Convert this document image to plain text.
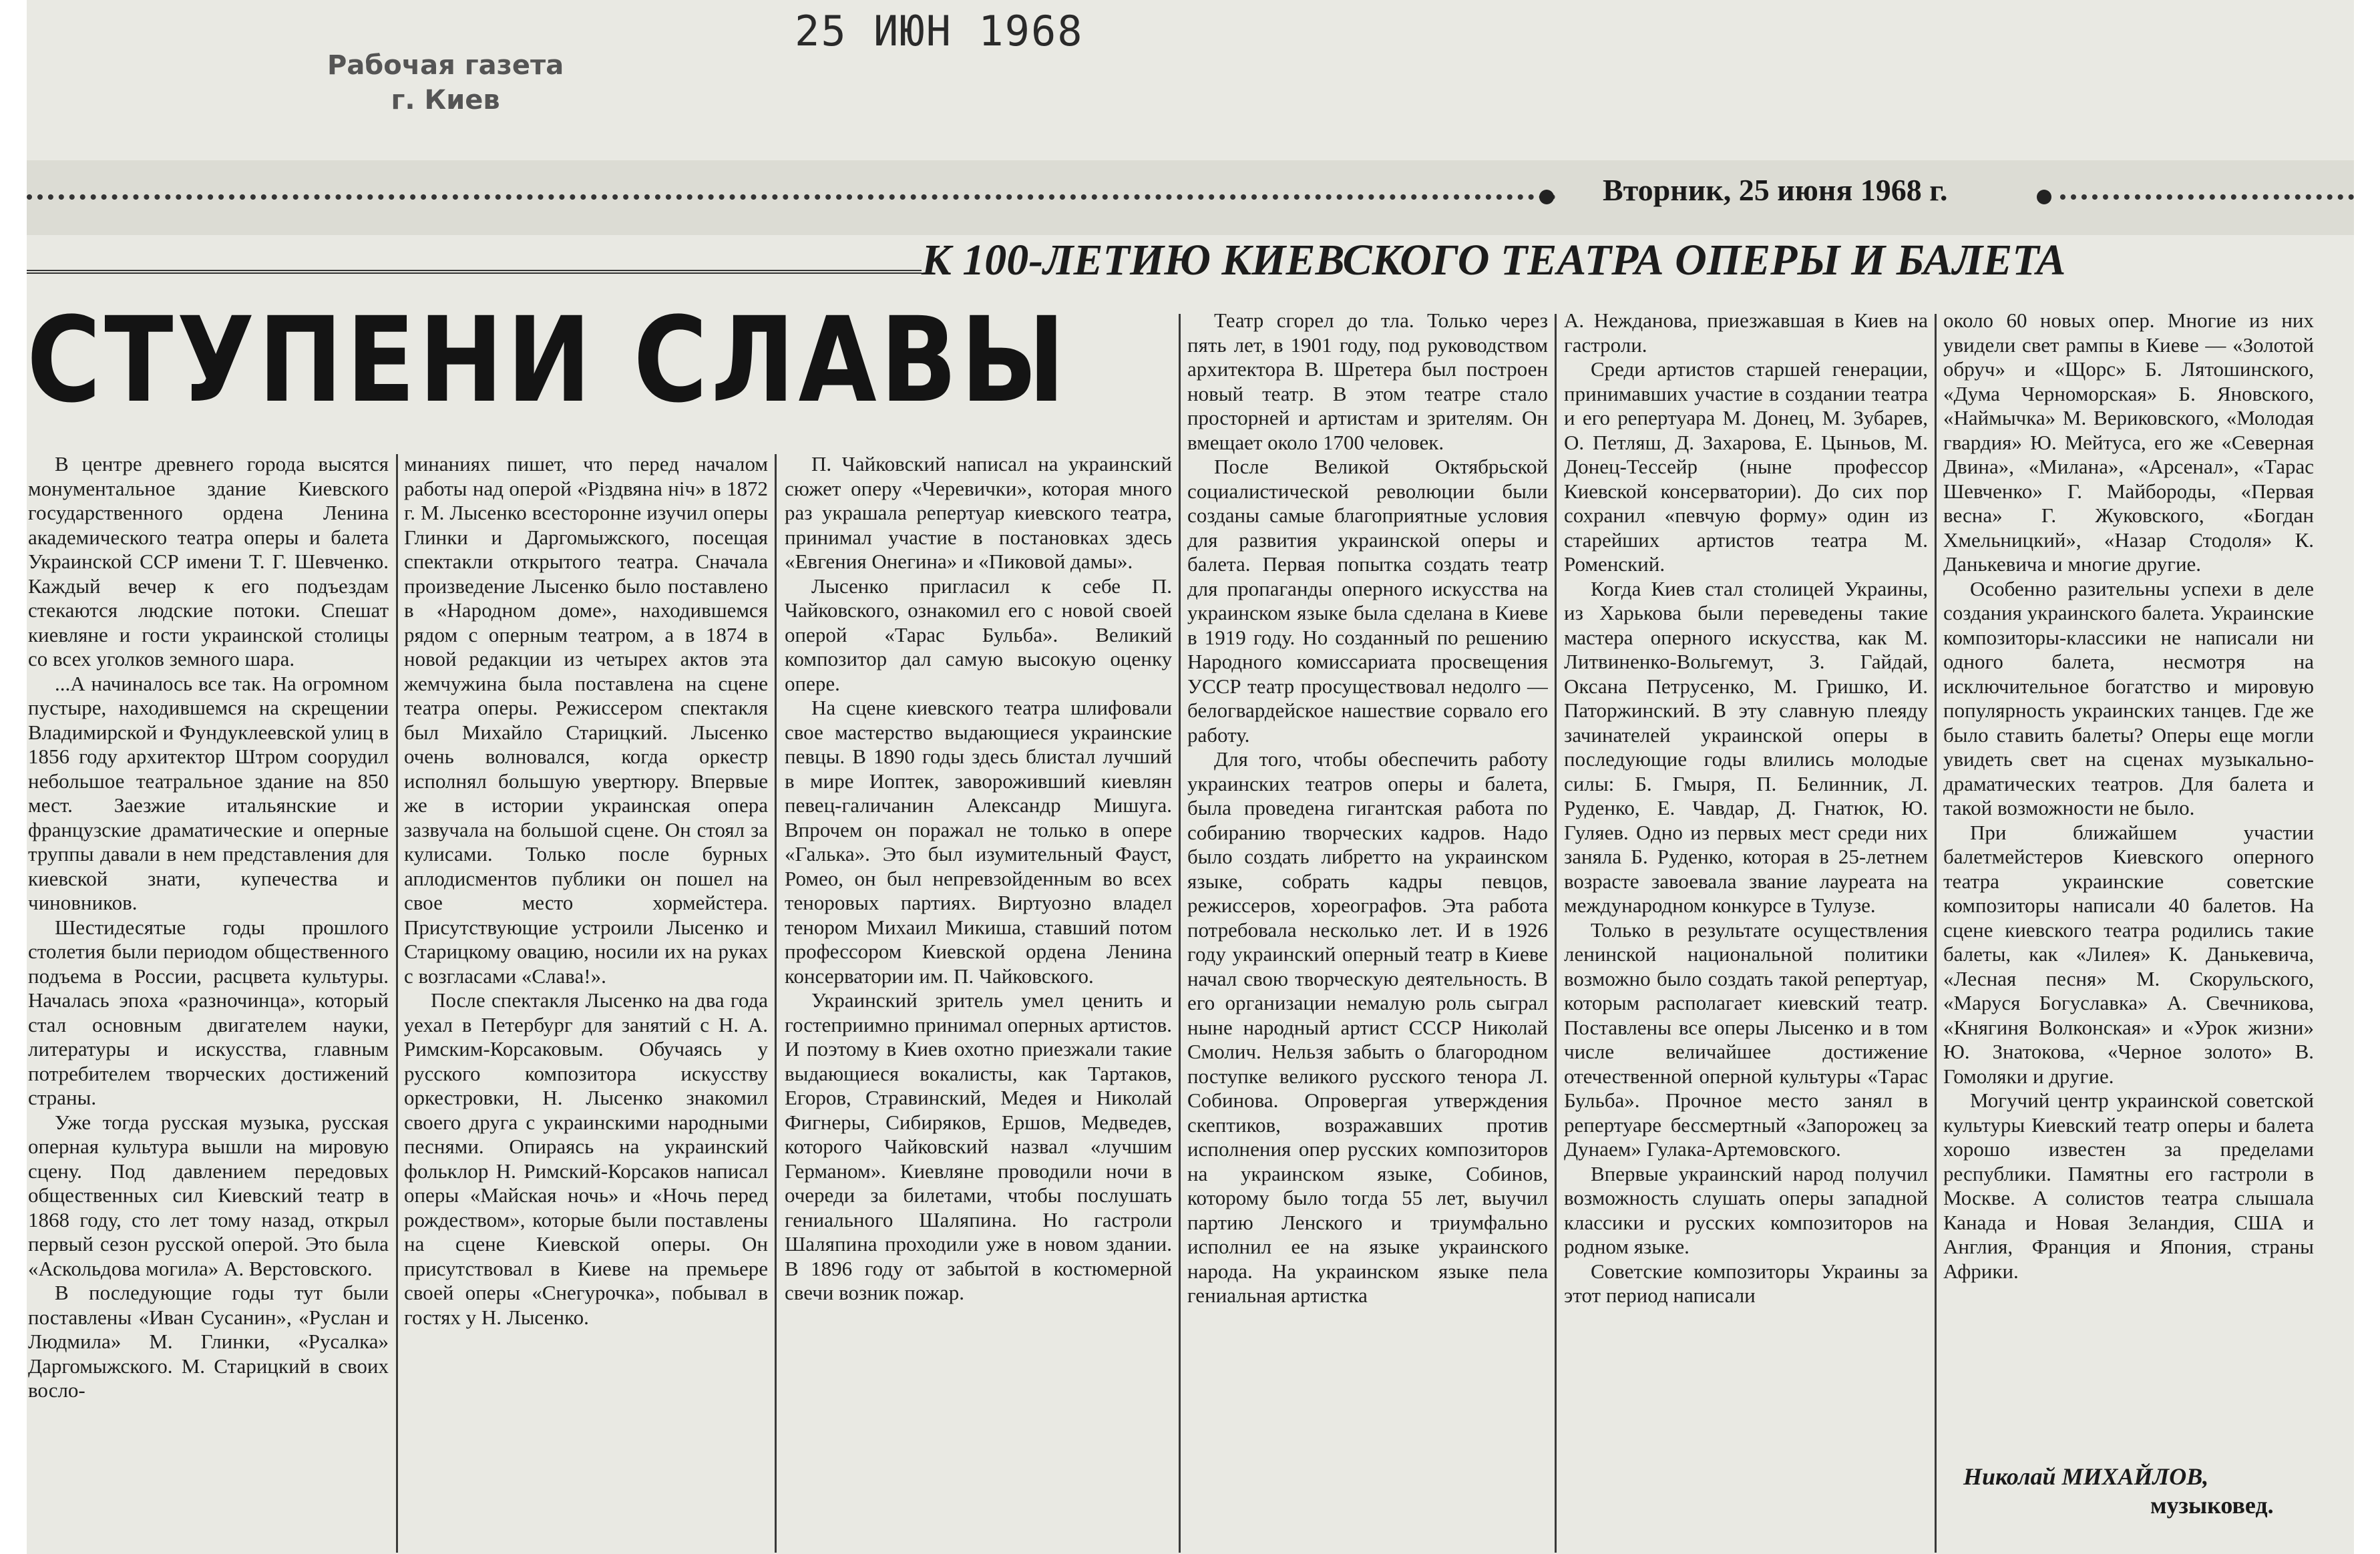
25 ИЮН 1968
Рабочая газета
г. Киев
Вторник, 25 июня 1968 г.
К 100-ЛЕТИЮ КИЕВСКОГО ТЕАТРА ОПЕРЫ И БАЛЕТА
СТУПЕНИ СЛАВЫ

В центре древнего города высятся монументальное здание Киевского государственного ордена Ленина академического театра оперы и балета Украинской ССР имени Т. Г. Шевченко. Каждый вечер к его подъездам стекаются людские потоки. Спешат киевляне и гости украинской столицы со всех уголков земного шара.

...А начиналось все так. На огромном пустыре, находившемся на скрещении Владимирской и Фундуклеевской улиц в 1856 году архитектор Штром соорудил небольшое театральное здание на 850 мест. Заезжие итальянские и французские драматические и оперные труппы давали в нем представления для киевской знати, купечества и чиновников.

Шестидесятые годы прошлого столетия были периодом общественного подъема в России, расцвета культуры. Началась эпоха «разночинца», который стал основным двигателем науки, литературы и искусства, главным потребителем творческих достижений страны.

Уже тогда русская музыка, русская оперная культура вышли на мировую сцену. Под давлением передовых общественных сил Киевский театр в 1868 году, сто лет тому назад, открыл первый сезон русской оперой. Это была «Аскольдова могила» А. Верстовского.

В последующие годы тут были поставлены «Иван Сусанин», «Руслан и Людмила» М. Глинки, «Русалка» Даргомыжского. М. Старицкий в своих восло-

минаниях пишет, что перед началом работы над оперой «Різдвяна ніч» в 1872 г. М. Лысенко всесторонне изучил оперы Глинки и Даргомыжского, посещая спектакли открытого театра. Сначала произведение Лысенко было поставлено в «Народном доме», находившемся рядом с оперным театром, а в 1874 в новой редакции из четырех актов эта жемчужина была поставлена на сцене театра оперы. Режиссером спектакля был Михайло Старицкий. Лысенко очень волновался, когда оркестр исполнял большую увертюру. Впервые же в истории украинская опера зазвучала на большой сцене. Он стоял за кулисами. Только после бурных аплодисментов публики он пошел на свое место хормейстера. Присутствующие устроили Лысенко и Старицкому овацию, носили их на руках с возгласами «Слава!».

После спектакля Лысенко на два года уехал в Петербург для занятий с Н. А. Римским-Корсаковым. Обучаясь у русского композитора искусству оркестровки, Н. Лысенко знакомил своего друга с украинскими народными песнями. Опираясь на украинский фольклор Н. Римский-Корсаков написал оперы «Майская ночь» и «Ночь перед рождеством», которые были поставлены на сцене Киевской оперы. Он присутствовал в Киеве на премьере своей оперы «Снегурочка», побывал в гостях у Н. Лысенко.

П. Чайковский написал на украинский сюжет оперу «Черевички», которая много раз украшала репертуар киевского театра, принимал участие в постановках здесь «Евгения Онегина» и «Пиковой дамы».

Лысенко пригласил к себе П. Чайковского, ознакомил его с новой своей оперой «Тарас Бульба». Великий композитор дал самую высокую оценку опере.

На сцене киевского театра шлифовали свое мастерство выдающиеся украинские певцы. В 1890 годы здесь блистал лучший в мире Иоптек, завороживший киевлян певец-галичанин Александр Мишуга. Впрочем он поражал не только в опере «Галька». Это был изумительный Фауст, Ромео, он был непревзойденным во всех теноровых партиях. Виртуозно владел тенором Михаил Микиша, ставший потом профессором Киевской ордена Ленина консерватории им. П. Чайковского.

Украинский зритель умел ценить и гостеприимно принимал оперных артистов. И поэтому в Киев охотно приезжали такие выдающиеся вокалисты, как Тартаков, Егоров, Стравинский, Медея и Николай Фигнеры, Сибиряков, Ершов, Медведев, которого Чайковский назвал «лучшим Германом». Киевляне проводили ночи в очереди за билетами, чтобы послушать гениального Шаляпина. Но гастроли Шаляпина проходили уже в новом здании. В 1896 году от забытой в костюмерной свечи возник пожар.

Театр сгорел до тла. Только через пять лет, в 1901 году, под руководством архитектора В. Шретера был построен новый театр. В этом театре стало просторней и артистам и зрителям. Он вмещает около 1700 человек.

После Великой Октябрьской социалистической революции были созданы самые благоприятные условия для развития украинской оперы и балета. Первая попытка создать театр для пропаганды оперного искусства на украинском языке была сделана в Киеве в 1919 году. Но созданный по решению Народного комиссариата просвещения УССР театр просуществовал недолго — белогвардейское нашествие сорвало его работу.

Для того, чтобы обеспечить работу украинских театров оперы и балета, была проведена гигантская работа по собиранию творческих кадров. Надо было создать либретто на украинском языке, собрать кадры певцов, режиссеров, хореографов. Эта работа потребовала несколько лет. И в 1926 году украинский оперный театр в Киеве начал свою творческую деятельность. В его организации немалую роль сыграл ныне народный артист СССР Николай Смолич. Нельзя забыть о благородном поступке великого русского тенора Л. Собинова. Опровергая утверждения скептиков, возражавших против исполнения опер русских композиторов на украинском языке, Собинов, которому было тогда 55 лет, выучил партию Ленского и триумфально исполнил ее на языке украинского народа. На украинском языке пела гениальная артистка

А. Нежданова, приезжавшая в Киев на гастроли.

Среди артистов старшей генерации, принимавших участие в создании театра и его репертуара М. Донец, М. Зубарев, О. Петляш, Д. Захарова, Е. Цыньов, М. Донец-Тессейр (ныне профессор Киевской консерватории). До сих пор сохранил «певчую форму» один из старейших артистов театра М. Роменский.

Когда Киев стал столицей Украины, из Харькова были переведены такие мастера оперного искусства, как М. Литвиненко-Вольгемут, З. Гайдай, Оксана Петрусенко, М. Гришко, И. Паторжинский. В эту славную плеяду зачинателей украинской оперы в последующие годы влились молодые силы: Б. Гмыря, П. Белинник, Л. Руденко, Е. Чавдар, Д. Гнатюк, Ю. Гуляев. Одно из первых мест среди них заняла Б. Руденко, которая в 25-летнем возрасте завоевала звание лауреата на международном конкурсе в Тулузе.

Только в результате осуществления ленинской национальной политики возможно было создать такой репертуар, которым располагает киевский театр. Поставлены все оперы Лысенко и в том числе величайшее достижение отечественной оперной культуры «Тарас Бульба». Прочное место занял в репертуаре бессмертный «Запорожец за Дунаем» Гулака-Артемовского.

Впервые украинский народ получил возможность слушать оперы западной классики и русских композиторов на родном языке.

Советские композиторы Украины за этот период написали

около 60 новых опер. Многие из них увидели свет рампы в Киеве — «Золотой обруч» и «Щорс» Б. Лятошинского, «Дума Черноморская» Б. Яновского, «Наймычка» М. Вериковского, «Молодая гвардия» Ю. Мейтуса, его же «Северная Двина», «Милана», «Арсенал», «Тарас Шевченко» Г. Майбороды, «Первая весна» Г. Жуковского, «Богдан Хмельницкий», «Назар Стодоля» К. Данькевича и многие другие.

Особенно разительны успехи в деле создания украинского балета. Украинские композиторы-классики не написали ни одного балета, несмотря на исключительное богатство и мировую популярность украинских танцев. Где же было ставить балеты? Оперы еще могли увидеть свет на сценах музыкально-драматических театров. Для балета и такой возможности не было.

При ближайшем участии балетмейстеров Киевского оперного театра украинские советские композиторы написали 40 балетов. На сцене киевского театра родились такие балеты, как «Лилея» К. Данькевича, «Лесная песня» М. Скорульского, «Маруся Богуславка» А. Свечникова, «Княгиня Волконская» и «Урок жизни» Ю. Знатокова, «Черное золото» В. Гомоляки и другие.

Могучий центр украинской советской культуры Киевский театр оперы и балета хорошо известен за пределами республики. Памятны его гастроли в Москве. А солистов театра слышала Канада и Новая Зеландия, США и Англия, Франция и Япония, страны Африки.

Николай МИХАЙЛОВ,
музыковед.
